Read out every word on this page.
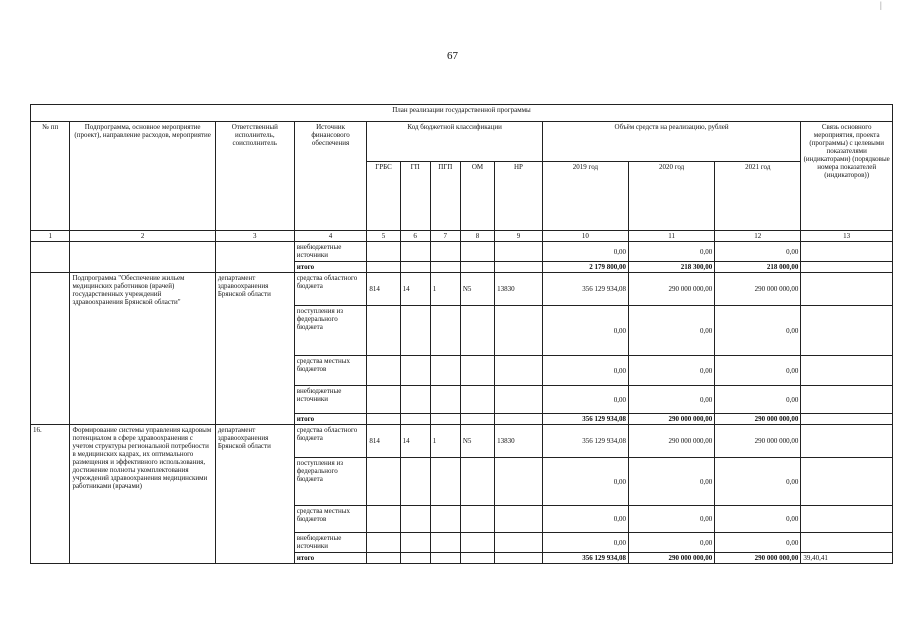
67
|
План реализации государственной программы												
№ пп	Подпрограмма, основное мероприятие (проект), направление расходов, мероприятие	Ответственный исполнитель, соисполнитель	Источник финансового обеспечения	Код бюджетной классификации					Объём средств на реализацию, рублей			Связь основного мероприятия, проекта (программы) с целевыми показателями (индикаторами) (порядковые номера показателей (индикаторов))
				ГРБС	ГП	ПГП	ОМ	НР	2019 год	2020 год	2021 год	
1	2	3	4	5	6	7	8	9	10	11	12	13
			внебюджетные источники						0,00	0,00	0,00	
			итого						2 179 800,00	218 300,00	218 000,00	
	Подпрограмма "Обеспечение жильем медицинских работников (врачей) государственных учреждений здравоохранения Брянской области"	департамент здравоохранения Брянской области	средства областного бюджета	814	14	1	N5	13830	356 129 934,08	290 000 000,00	290 000 000,00	
			поступления из федерального бюджета						0,00	0,00	0,00	
			средства местных бюджетов						0,00	0,00	0,00	
			внебюджетные источники						0,00	0,00	0,00	
			итого						356 129 934,08	290 000 000,00	290 000 000,00	
16.	Формирование системы управления кадровым потенциалом в сфере здравоохранения с учетом структуры региональной потребности в медицинских кадрах, их оптимального размещения и эффективного использования, достижение полноты укомплектования учреждений здравоохранения медицинскими работниками (врачами)	департамент здравоохранения Брянской области	средства областного бюджета	814	14	1	N5	13830	356 129 934,08	290 000 000,00	290 000 000,00	
			поступления из федерального бюджета						0,00	0,00	0,00	
			средства местных бюджетов						0,00	0,00	0,00	
			внебюджетные источники						0,00	0,00	0,00	
			итого						356 129 934,08	290 000 000,00	290 000 000,00	39,40,41
